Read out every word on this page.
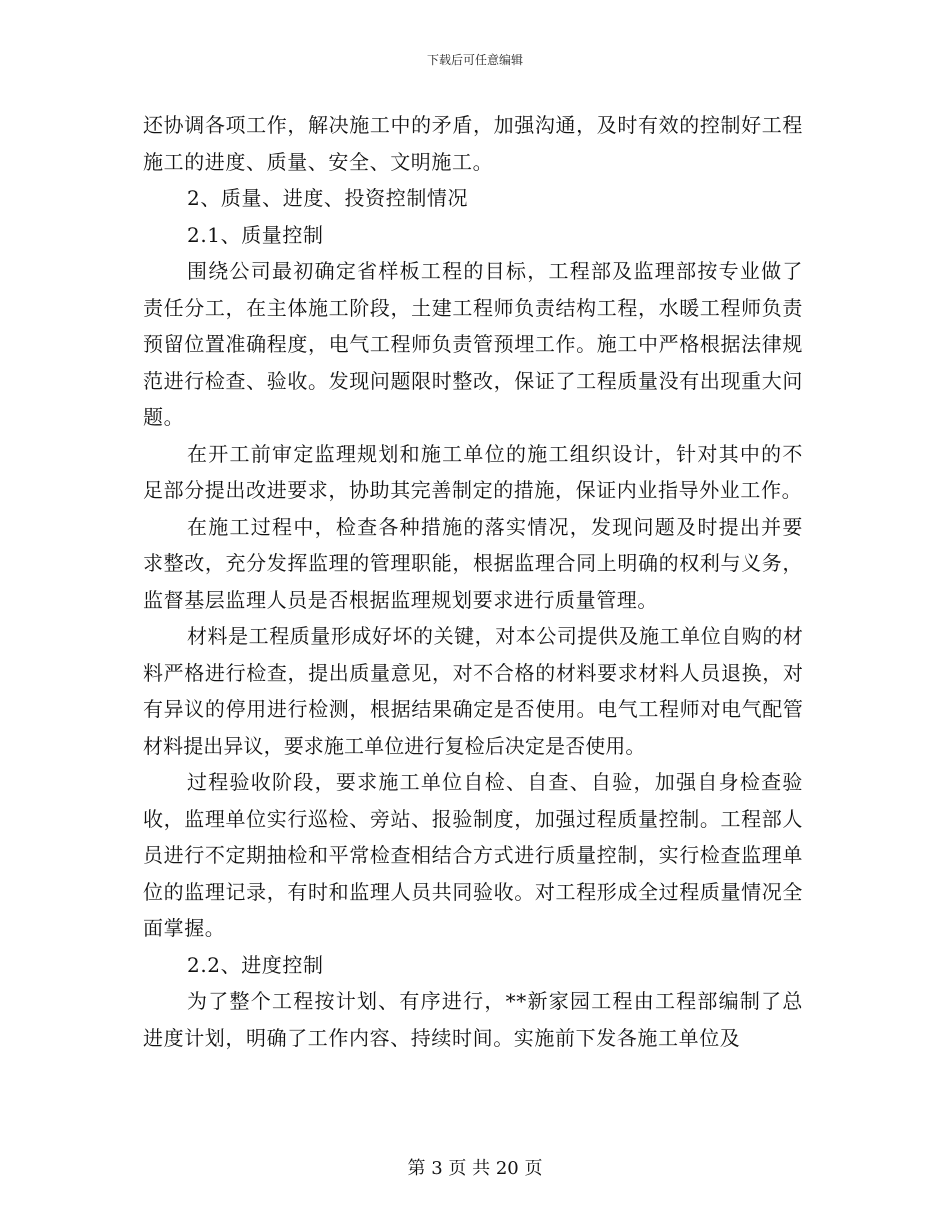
下载后可任意编辑

还协调各项工作，解决施工中的矛盾，加强沟通，及时有效的控制好工程施工的进度、质量、安全、文明施工。

2、质量、进度、投资控制情况

2.1、质量控制

围绕公司最初确定省样板工程的目标，工程部及监理部按专业做了责任分工，在主体施工阶段，土建工程师负责结构工程，水暖工程师负责预留位置准确程度，电气工程师负责管预埋工作。施工中严格根据法律规范进行检查、验收。发现问题限时整改，保证了工程质量没有出现重大问题。

在开工前审定监理规划和施工单位的施工组织设计，针对其中的不足部分提出改进要求，协助其完善制定的措施，保证内业指导外业工作。

在施工过程中，检查各种措施的落实情况，发现问题及时提出并要求整改，充分发挥监理的管理职能，根据监理合同上明确的权利与义务，监督基层监理人员是否根据监理规划要求进行质量管理。

材料是工程质量形成好坏的关键，对本公司提供及施工单位自购的材料严格进行检查，提出质量意见，对不合格的材料要求材料人员退换，对有异议的停用进行检测，根据结果确定是否使用。电气工程师对电气配管材料提出异议，要求施工单位进行复检后决定是否使用。

过程验收阶段，要求施工单位自检、自查、自验，加强自身检查验收，监理单位实行巡检、旁站、报验制度，加强过程质量控制。工程部人员进行不定期抽检和平常检查相结合方式进行质量控制，实行检查监理单位的监理记录，有时和监理人员共同验收。对工程形成全过程质量情况全面掌握。

2.2、进度控制

为了整个工程按计划、有序进行，**新家园工程由工程部编制了总进度计划，明确了工作内容、持续时间。实施前下发各施工单位及

第 3 页 共 20 页
